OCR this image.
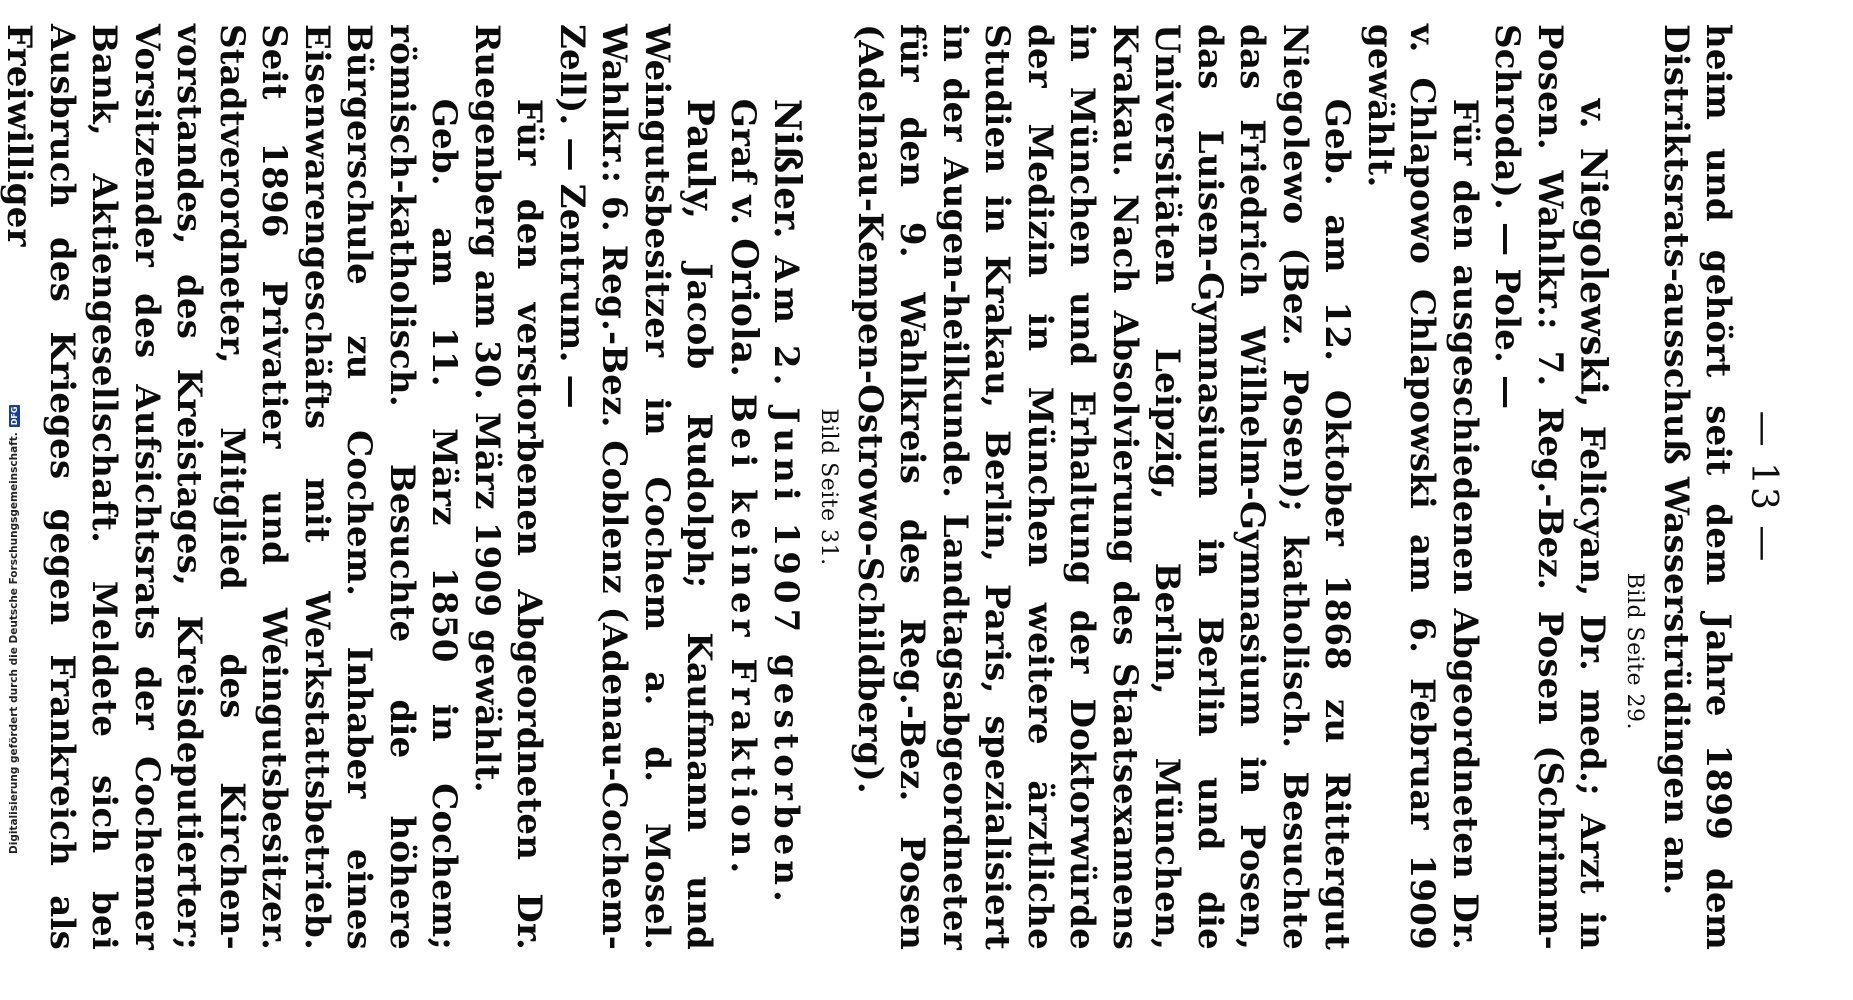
Digitalisierung gefördert durch die Deutsche Forschungsgemeinschaft.
DFG	— 13 —

heim und gehört seit dem Jahre 1899 dem Distriktsrats-ausschuß Wasserstrüdingen an.

Bild Seite 29.

v. Niegolewski, Felicyan, Dr. med.; Arzt in Posen. Wahlkr.: 7. Reg.-Bez. Posen (Schrimm-Schroda). — Pole. —

Für den ausgeschiedenen Abgeordneten Dr. v. Chlapowo Chlapowski am 6. Februar 1909 gewählt.

Geb. am 12. Oktober 1868 zu Rittergut Niegolewo (Bez. Posen); katholisch. Besuchte das Friedrich Wilhelm-Gymnasium in Posen, das Luisen-Gymnasium in Berlin und die Universitäten Leipzig, Berlin, München, Krakau. Nach Absolvierung des Staatsexamens in München und Erhaltung der Doktorwürde der Medizin in München weitere ärztliche Studien in Krakau, Berlin, Paris, spezialisiert in der Augen-heilkunde. Landtagsabgeordneter für den 9. Wahlkreis des Reg.-Bez. Posen (Adelnau-Kempen-Ostrowo-Schildberg).

Bild Seite 31.

Nißler. Am 2. Juni 1907 gestorben.

Graf v. Oriola. Bei keiner Fraktion.

Pauly, Jacob Rudolph; Kaufmann und Weingutsbesitzer in Cochem a. d. Mosel. Wahlkr.: 6. Reg.-Bez. Coblenz (Adenau-Cochem-Zell). — Zentrum. —

Für den verstorbenen Abgeordneten Dr. Ruegenberg am 30. März 1909 gewählt.

Geb. am 11. März 1850 in Cochem; römisch-katholisch. Besuchte die höhere Bürgerschule zu Cochem. Inhaber eines Eisenwarengeschäfts mit Werkstattsbetrieb. Seit 1896 Privatier und Weingutsbesitzer. Stadtverordneter, Mitglied des Kirchen-vorstandes, des Kreistages, Kreisdeputierter; Vorsitzender des Aufsichtsrats der Cochemer Bank, Aktiengesellschaft. Meldete sich bei Ausbruch des Krieges gegen Frankreich als Freiwilliger
